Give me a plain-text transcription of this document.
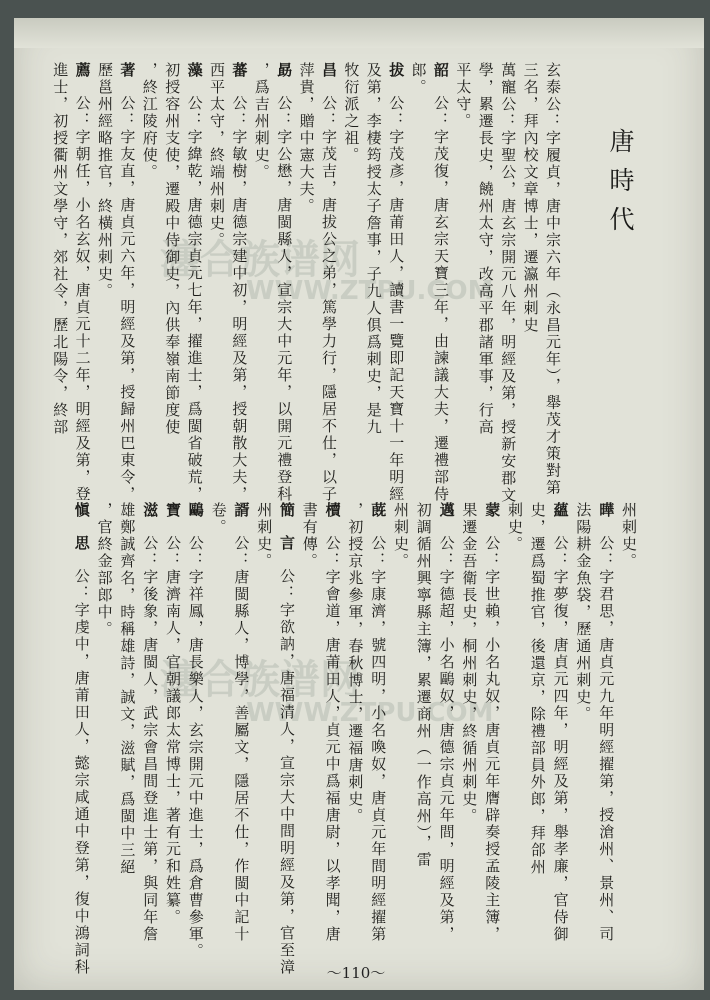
瀍合族谱网
WWW.ZTPU.COM
瀍合族谱网
WWW.ZTPU.COM
唐時代
玄泰公：字履貞，唐中宗六年（永昌元年），舉茂才策對第
三名，拜內校文章博士，遷瀛州刺史
萬寵公：字聖公，唐玄宗開元八年，明經及第，授新安郡文
學，累遷長史，饒州太守，改高平郡諸軍事，行高
平太守。
韶公：字茂復，唐玄宗天寶三年，由諫議大夫，遷禮部侍
郎。
拔公：字茂彥，唐莆田人，讀書一覽即記天寶十一年明經
及第，李棲筠授太子詹事，子九人俱爲刺史，是九
牧衍派之祖。
昌公：字茂吉，唐拔公之弟，篤學力行，隱居不仕，以子
萍貴，贈中憲大夫。
勗公：字公懋，唐閩縣人，宣宗大中元年，以開元禮登科
，爲吉州刺史。
蕃公：字敏樹，唐德宗建中初，明經及第，授朝散大夫，
西平太守，終端州刺史。
藻公：字緯乾，唐德宗貞元七年，擢進士，爲閩省破荒，
初授容州支使，遷殿中侍御史，內供奉嶺南節度使
，終江陵府使。
著公：字友直，唐貞元六年，明經及第，授歸州巴東令，
歷邕州經略推官，終橫州刺史。
薦公：字朝任，小名玄奴，唐貞元十二年，明經及第，登
進士，初授衢州文學守，郊社令，歷北陽令，終部
州刺史。
曄公：字君思，唐貞元九年明經擢第，授滄州、景州、司
法陽耕金魚袋，歷通州刺史。
蘊公：字夢復，唐貞元四年，明經及第，舉孝廉，官侍御
史，遷爲蜀推官，後還京，除禮部員外郎，拜郃州
刺史。
蒙公：字世賴，小名丸奴，唐貞元年膺辟奏授孟陵主簿，
果遷金吾衛長史，桐州刺史，終循州刺史。
邁公：字德超，小名鷗奴，唐德宗貞元年間，明經及第，
初調循州興寧縣主簿，累遷商州（一作高州），雷
州刺史。
蔇公：字康濟，號四明，小名喚奴，唐貞元年間明經擢第
，初授京兆參軍，春秋博士，遷福唐刺史。
櫝公：字會道，唐莆田人，貞元中爲福唐尉，以孝聞，唐
書有傳。
簡言公：字欲訥，唐福清人，宣宗大中間明經及第，官至漳
州刺史。
諝公：唐閩縣人，博學，善屬文，隱居不仕，作閩中記十
卷。
鷗公：字祥鳳，唐長樂人，玄宗開元中進士，爲倉曹參軍。
寶公：唐濟南人，官朝議郎太常博士，著有元和姓纂。
滋公：字後象，唐閩人，武宗會昌間登進士第，與同年詹
雄鄭誠齊名，時稱雄詩，誠文，滋賦，爲閩中三絕
，官終金部郎中。
愼思公：字虔中，唐莆田人，懿宗咸通中登第，復中鴻詞科	～110～
